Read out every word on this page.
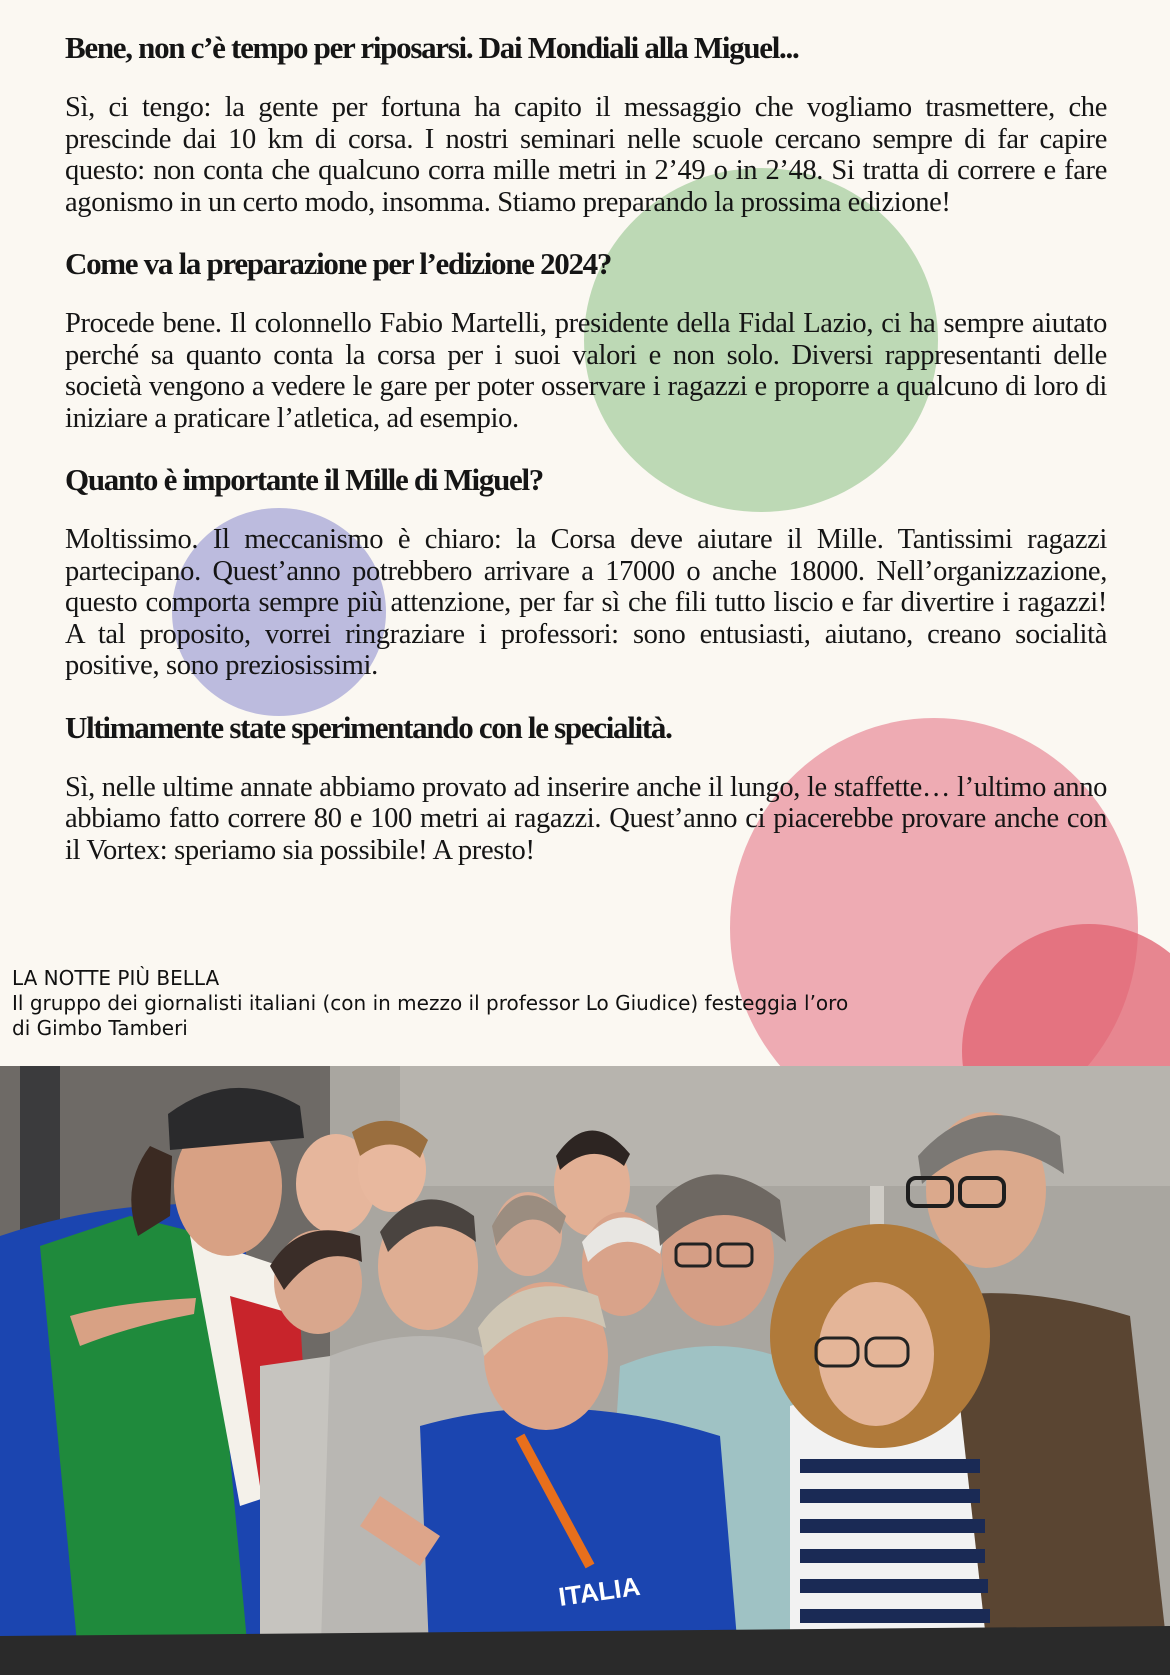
Bene, non c’è tempo per riposarsi. Dai Mondiali alla Miguel...

Sì, ci tengo: la gente per fortuna ha capito il messaggio che vogliamo trasmettere, che prescinde dai 10 km di corsa. I nostri seminari nelle scuole cercano sempre di far capire questo: non conta che qualcuno corra mille metri in 2’49 o in 2’48. Si tratta di correre e fare agonismo in un certo modo, insomma. Stiamo preparando la prossima edizione!

Come va la preparazione per l’edizione 2024?

Procede bene. Il colonnello Fabio Martelli, presidente della Fidal Lazio, ci ha sempre aiutato perché sa quanto conta la corsa per i suoi valori e non solo. Diversi rappresentanti delle società vengono a vedere le gare per poter osservare i ragazzi e proporre a qualcuno di loro di iniziare a praticare l’atletica, ad esempio.

Quanto è importante il Mille di Miguel?

Moltissimo. Il meccanismo è chiaro: la Corsa deve aiutare il Mille. Tantissimi ragazzi partecipano. Quest’anno potrebbero arrivare a 17000 o anche 18000. Nell’organizzazione, questo comporta sempre più attenzione, per far sì che fili tutto liscio e far divertire i ragazzi! A tal proposito, vorrei ringraziare i professori: sono entusiasti, aiutano, creano socialità positive, sono preziosissimi.

Ultimamente state sperimentando con le specialità.

Sì, nelle ultime annate abbiamo provato ad inserire anche il lungo, le staffette… l’ultimo anno abbiamo fatto correre 80 e 100 metri ai ragazzi. Quest’anno ci piacerebbe provare anche con il Vortex: speriamo sia possibile! A presto!

LA NOTTE PIÙ BELLA
Il gruppo dei giornalisti italiani (con in mezzo il professor Lo Giudice) festeggia l’oro
di Gimbo Tamberi
ITALIA
